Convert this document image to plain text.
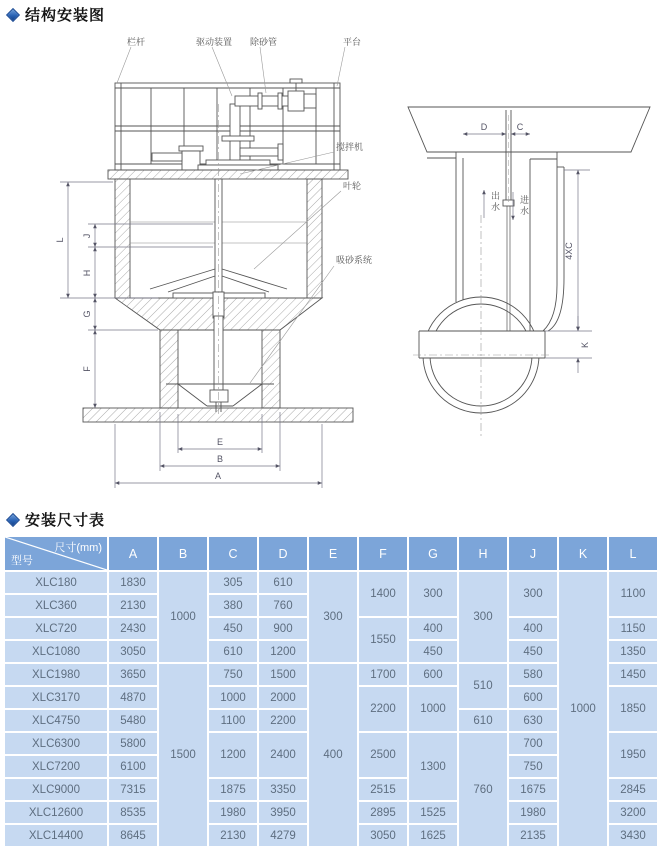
结构安装图
L
J
H
G
F
E
B
A
栏杆	驱动装置 除砂管	平台
搅拌机
叶轮
吸砂系统
D	C
4XC
K
出水 进水
安装尺寸表
尺寸(mm)
型号	A	B	C	D	E	F	G	H	J	K	L
XLC180	1830	1000	305	610	300	1400	300	300	300	1000	1100
XLC360	2130		380	760							
XLC720	2430		450	900		1550	400		400		1150
XLC1080	3050		610	1200			450		450		1350
XLC1980	3650	1500	750	1500	400	1700	600	510	580		1450
XLC3170	4870		1000	2000		2200	1000		600		1850
XLC4750	5480		1100	2200				610	630		
XLC6300	5800		1200	2400		2500	1300	760	700		1950
XLC7200	6100								750		
XLC9000	7315		1875	3350		2515			1675		2845
XLC12600	8535		1980	3950		2895	1525		1980		3200
XLC14400	8645		2130	4279		3050	1625		2135		3430
